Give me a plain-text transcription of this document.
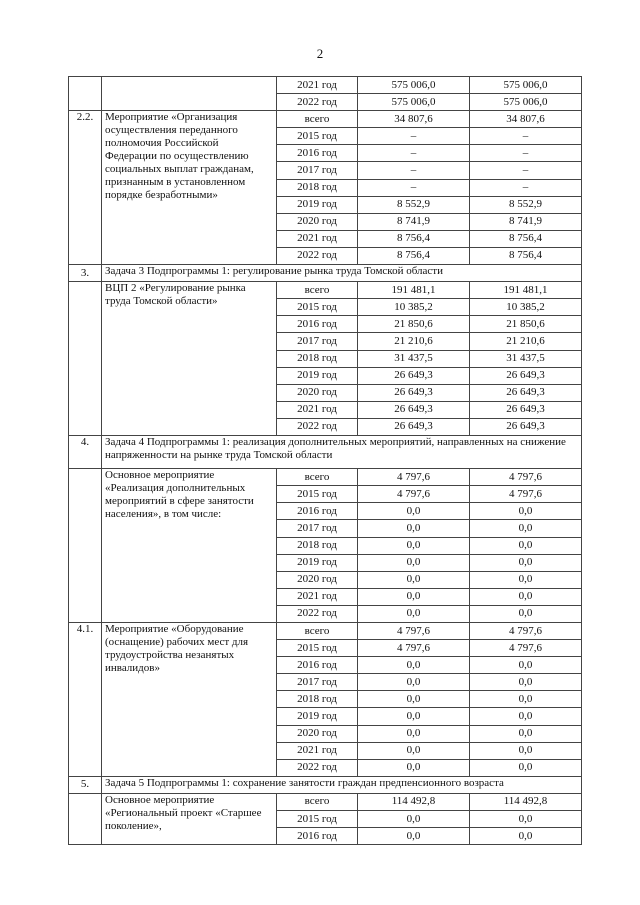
2
		2021 год	575 006,0	575 006,0
		2022 год	575 006,0	575 006,0
2.2.	Мероприятие «Организация осуществления переданного полномочия Российской Федерации по осуществлению социальных выплат гражданам, признанным в установленном порядке безработными»	всего	34 807,6	34 807,6
		2015 год	–	–
		2016 год	–	–
		2017 год	–	–
		2018 год	–	–
		2019 год	8 552,9	8 552,9
		2020 год	8 741,9	8 741,9
		2021 год	8 756,4	8 756,4
		2022 год	8 756,4	8 756,4
3.	Задача 3 Подпрограммы 1: регулирование рынка труда Томской области			
	ВЦП 2 «Регулирование рынка труда Томской области»	всего	191 481,1	191 481,1
		2015 год	10 385,2	10 385,2
		2016 год	21 850,6	21 850,6
		2017 год	21 210,6	21 210,6
		2018 год	31 437,5	31 437,5
		2019 год	26 649,3	26 649,3
		2020 год	26 649,3	26 649,3
		2021 год	26 649,3	26 649,3
		2022 год	26 649,3	26 649,3
4.	Задача 4 Подпрограммы 1: реализация дополнительных мероприятий, направленных на снижение напряженности на рынке труда Томской области			
	Основное мероприятие «Реализация дополнительных мероприятий в сфере занятости населения», в том числе:	всего	4 797,6	4 797,6
		2015 год	4 797,6	4 797,6
		2016 год	0,0	0,0
		2017 год	0,0	0,0
		2018 год	0,0	0,0
		2019 год	0,0	0,0
		2020 год	0,0	0,0
		2021 год	0,0	0,0
		2022 год	0,0	0,0
4.1.	Мероприятие «Оборудование (оснащение) рабочих мест для трудоустройства незанятых инвалидов»	всего	4 797,6	4 797,6
		2015 год	4 797,6	4 797,6
		2016 год	0,0	0,0
		2017 год	0,0	0,0
		2018 год	0,0	0,0
		2019 год	0,0	0,0
		2020 год	0,0	0,0
		2021 год	0,0	0,0
		2022 год	0,0	0,0
5.	Задача 5 Подпрограммы 1: сохранение занятости граждан предпенсионного возраста			
	Основное мероприятие «Региональный проект «Старшее поколение»,	всего	114 492,8	114 492,8
		2015 год	0,0	0,0
		2016 год	0,0	0,0
